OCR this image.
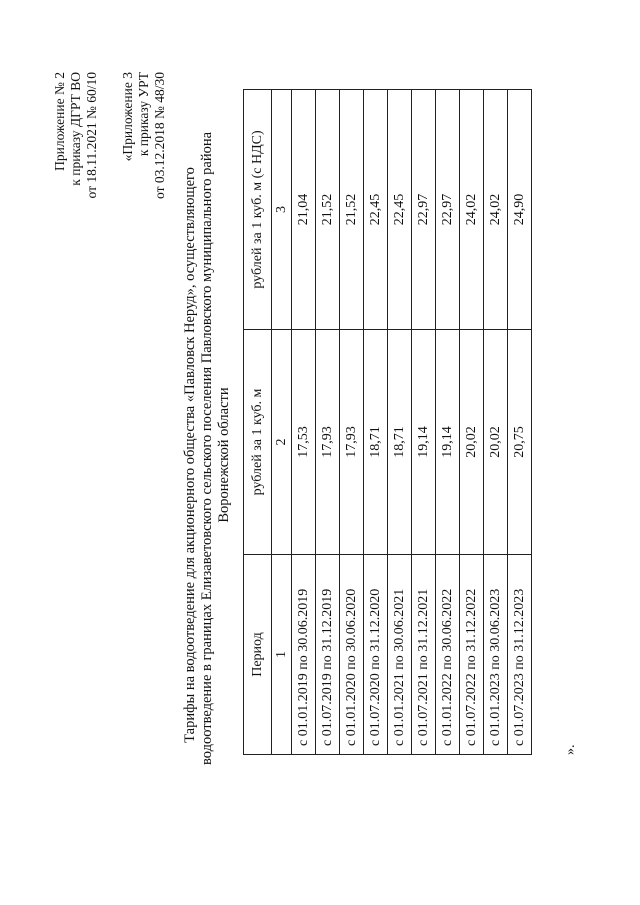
Приложение № 2 к приказу ДГРТ ВО от 18.11.2021 № 60/10 «Приложение 3 к приказу УРТ от 03.12.2018 № 48/30
Тарифы на водоотведение для акционерного общества «Павловск Неруд», осуществляющего водоотведение в границах Елизаветовского сельского поселения Павловского муниципального района Воронежской области
Период	рублей за 1 куб. м	рублей за 1 куб. м (с НДС)
1	2	3
с 01.01.2019 по 30.06.2019	17,53	21,04
с 01.07.2019 по 31.12.2019	17,93	21,52
с 01.01.2020 по 30.06.2020	17,93	21,52
с 01.07.2020 по 31.12.2020	18,71	22,45
с 01.01.2021 по 30.06.2021	18,71	22,45
с 01.07.2021 по 31.12.2021	19,14	22,97
с 01.01.2022 по 30.06.2022	19,14	22,97
с 01.07.2022 по 31.12.2022	20,02	24,02
с 01.01.2023 по 30.06.2023	20,02	24,02
с 01.07.2023 по 31.12.2023	20,75	24,90
».
